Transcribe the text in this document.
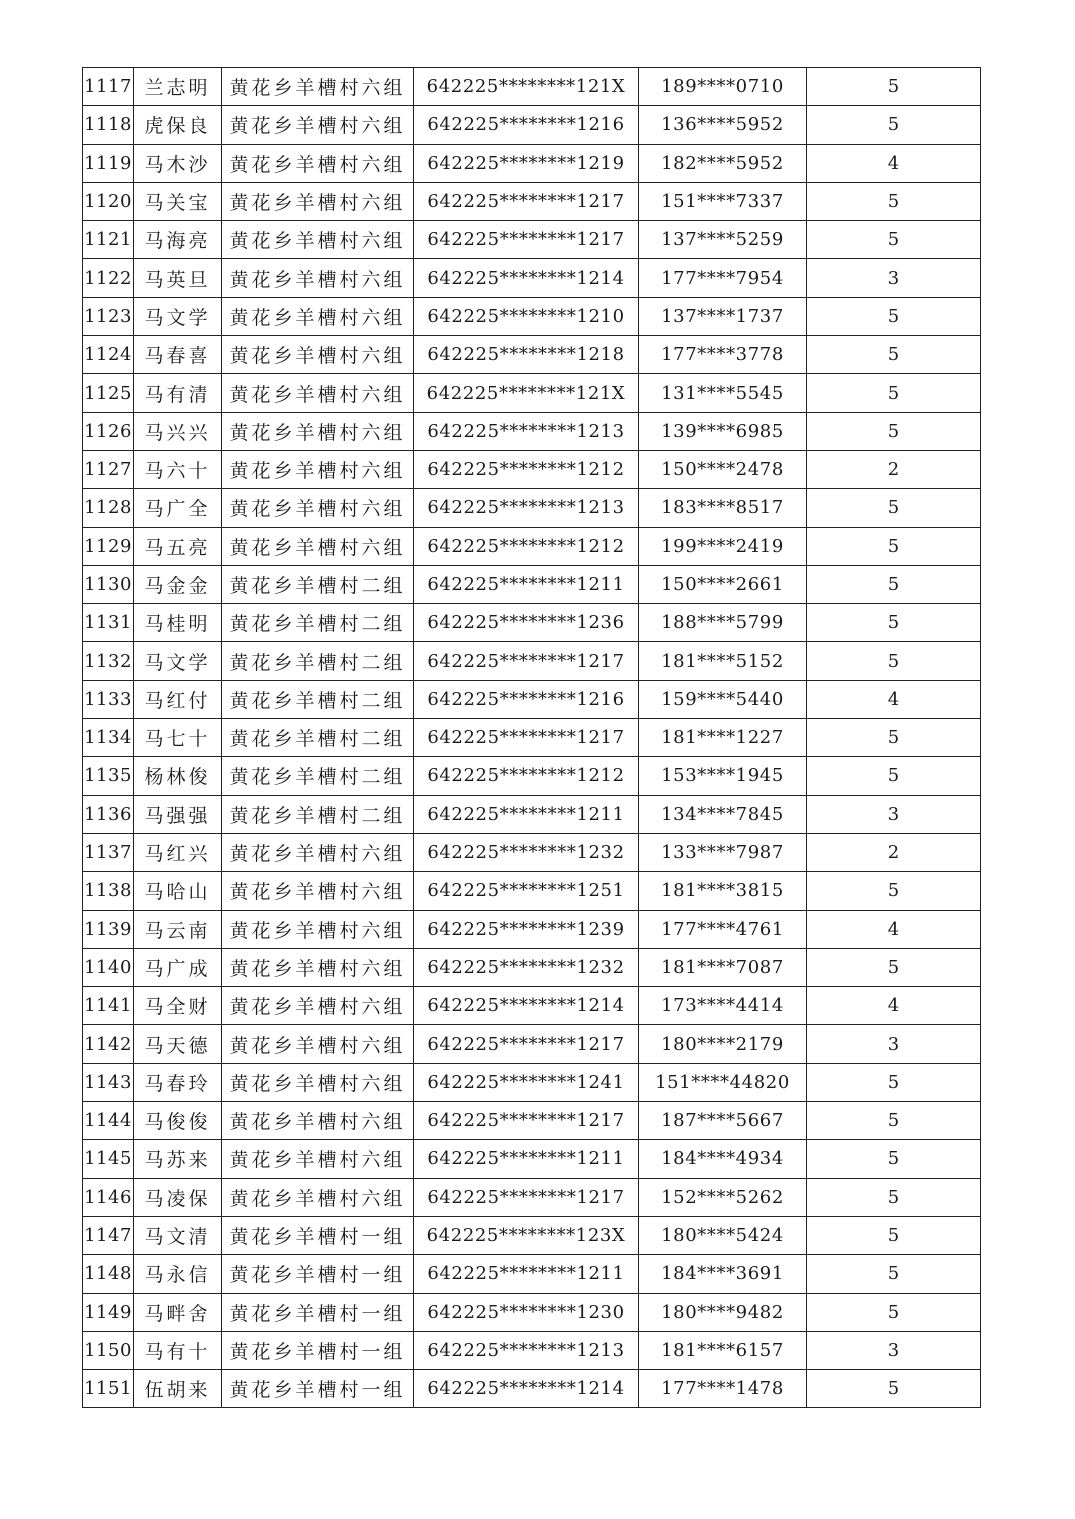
1117	兰志明	黄花乡羊槽村六组	642225********121X	189****0710	5
1118	虎保良	黄花乡羊槽村六组	642225********1216	136****5952	5
1119	马木沙	黄花乡羊槽村六组	642225********1219	182****5952	4
1120	马关宝	黄花乡羊槽村六组	642225********1217	151****7337	5
1121	马海亮	黄花乡羊槽村六组	642225********1217	137****5259	5
1122	马英旦	黄花乡羊槽村六组	642225********1214	177****7954	3
1123	马文学	黄花乡羊槽村六组	642225********1210	137****1737	5
1124	马春喜	黄花乡羊槽村六组	642225********1218	177****3778	5
1125	马有清	黄花乡羊槽村六组	642225********121X	131****5545	5
1126	马兴兴	黄花乡羊槽村六组	642225********1213	139****6985	5
1127	马六十	黄花乡羊槽村六组	642225********1212	150****2478	2
1128	马广全	黄花乡羊槽村六组	642225********1213	183****8517	5
1129	马五亮	黄花乡羊槽村六组	642225********1212	199****2419	5
1130	马金金	黄花乡羊槽村二组	642225********1211	150****2661	5
1131	马桂明	黄花乡羊槽村二组	642225********1236	188****5799	5
1132	马文学	黄花乡羊槽村二组	642225********1217	181****5152	5
1133	马红付	黄花乡羊槽村二组	642225********1216	159****5440	4
1134	马七十	黄花乡羊槽村二组	642225********1217	181****1227	5
1135	杨林俊	黄花乡羊槽村二组	642225********1212	153****1945	5
1136	马强强	黄花乡羊槽村二组	642225********1211	134****7845	3
1137	马红兴	黄花乡羊槽村六组	642225********1232	133****7987	2
1138	马哈山	黄花乡羊槽村六组	642225********1251	181****3815	5
1139	马云南	黄花乡羊槽村六组	642225********1239	177****4761	4
1140	马广成	黄花乡羊槽村六组	642225********1232	181****7087	5
1141	马全财	黄花乡羊槽村六组	642225********1214	173****4414	4
1142	马天德	黄花乡羊槽村六组	642225********1217	180****2179	3
1143	马春玲	黄花乡羊槽村六组	642225********1241	151****44820	5
1144	马俊俊	黄花乡羊槽村六组	642225********1217	187****5667	5
1145	马苏来	黄花乡羊槽村六组	642225********1211	184****4934	5
1146	马凌保	黄花乡羊槽村六组	642225********1217	152****5262	5
1147	马文清	黄花乡羊槽村一组	642225********123X	180****5424	5
1148	马永信	黄花乡羊槽村一组	642225********1211	184****3691	5
1149	马畔舍	黄花乡羊槽村一组	642225********1230	180****9482	5
1150	马有十	黄花乡羊槽村一组	642225********1213	181****6157	3
1151	伍胡来	黄花乡羊槽村一组	642225********1214	177****1478	5
